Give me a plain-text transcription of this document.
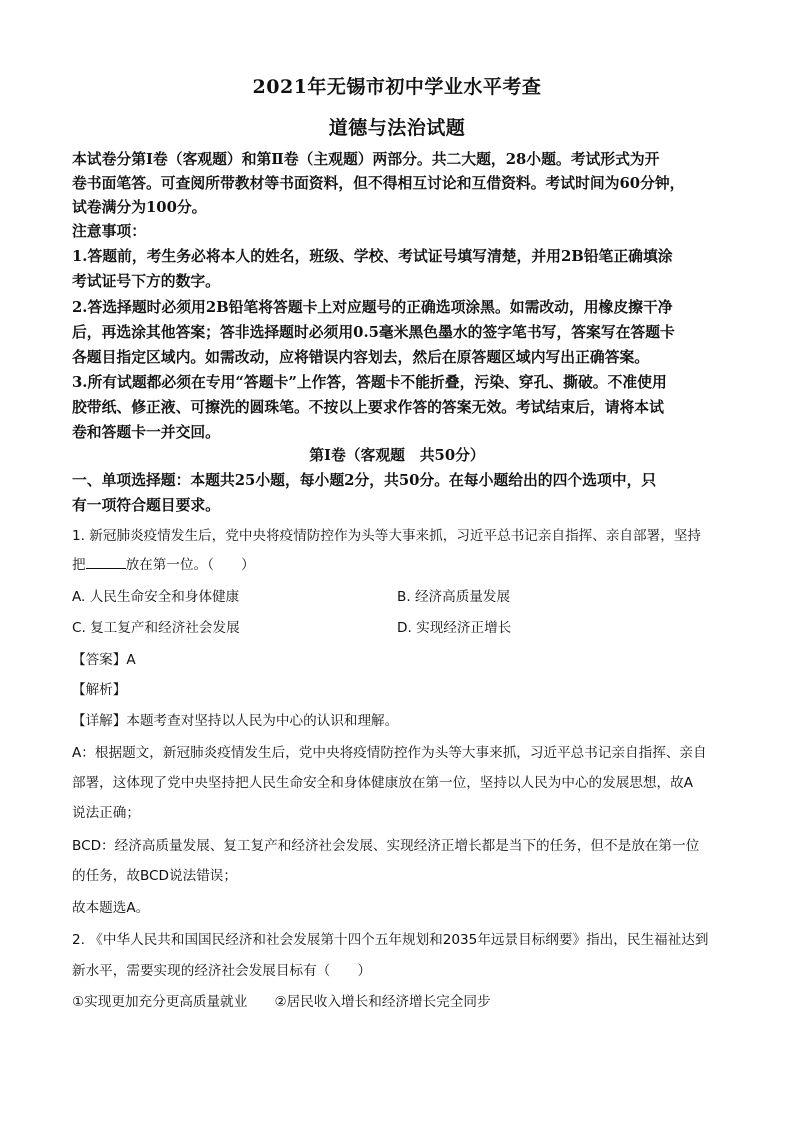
2021年无锡市初中学业水平考查
道德与法治试题
本试卷分第Ⅰ卷（客观题）和第Ⅱ卷（主观题）两部分。共二大题，28小题。考试形式为开
卷书面笔答。可查阅所带教材等书面资料，但不得相互讨论和互借资料。考试时间为60分钟，
试卷满分为100分。
注意事项：
1.答题前，考生务必将本人的姓名，班级、学校、考试证号填写清楚，并用2B铅笔正确填涂
考试证号下方的数字。
2.答选择题时必须用2B铅笔将答题卡上对应题号的正确选项涂黑。如需改动，用橡皮擦干净
后，再选涂其他答案；答非选择题时必须用0.5毫米黑色墨水的签字笔书写，答案写在答题卡
各题目指定区域内。如需改动，应将错误内容划去，然后在原答题区域内写出正确答案。
3.所有试题都必须在专用“答题卡”上作答，答题卡不能折叠，污染、穿孔、撕破。不准使用
胶带纸、修正液、可擦洗的圆珠笔。不按以上要求作答的答案无效。考试结束后，请将本试
卷和答题卡一并交回。
第Ⅰ卷（客观题　共50分）
一、单项选择题：本题共25小题，每小题2分，共50分。在每小题给出的四个选项中，只
有一项符合题目要求。
1. 新冠肺炎疫情发生后，党中央将疫情防控作为头等大事来抓，习近平总书记亲自指挥、亲自部署，坚持
把	放在第一位。（　　）
A. 人民生命安全和身体健康	B. 经济高质量发展
C. 复工复产和经济社会发展	D. 实现经济正增长
【答案】A
【解析】
【详解】本题考查对坚持以人民为中心的认识和理解。
A：根据题文，新冠肺炎疫情发生后，党中央将疫情防控作为头等大事来抓，习近平总书记亲自指挥、亲自
部署，这体现了党中央坚持把人民生命安全和身体健康放在第一位，坚持以人民为中心的发展思想，故A
说法正确；
BCD：经济高质量发展、复工复产和经济社会发展、实现经济正增长都是当下的任务，但不是放在第一位
的任务，故BCD说法错误；
故本题选A。
2. 《中华人民共和国国民经济和社会发展第十四个五年规划和2035年远景目标纲要》指出，民生福祉达到
新水平，需要实现的经济社会发展目标有（　　）
①实现更加充分更高质量就业　　②居民收入增长和经济增长完全同步
